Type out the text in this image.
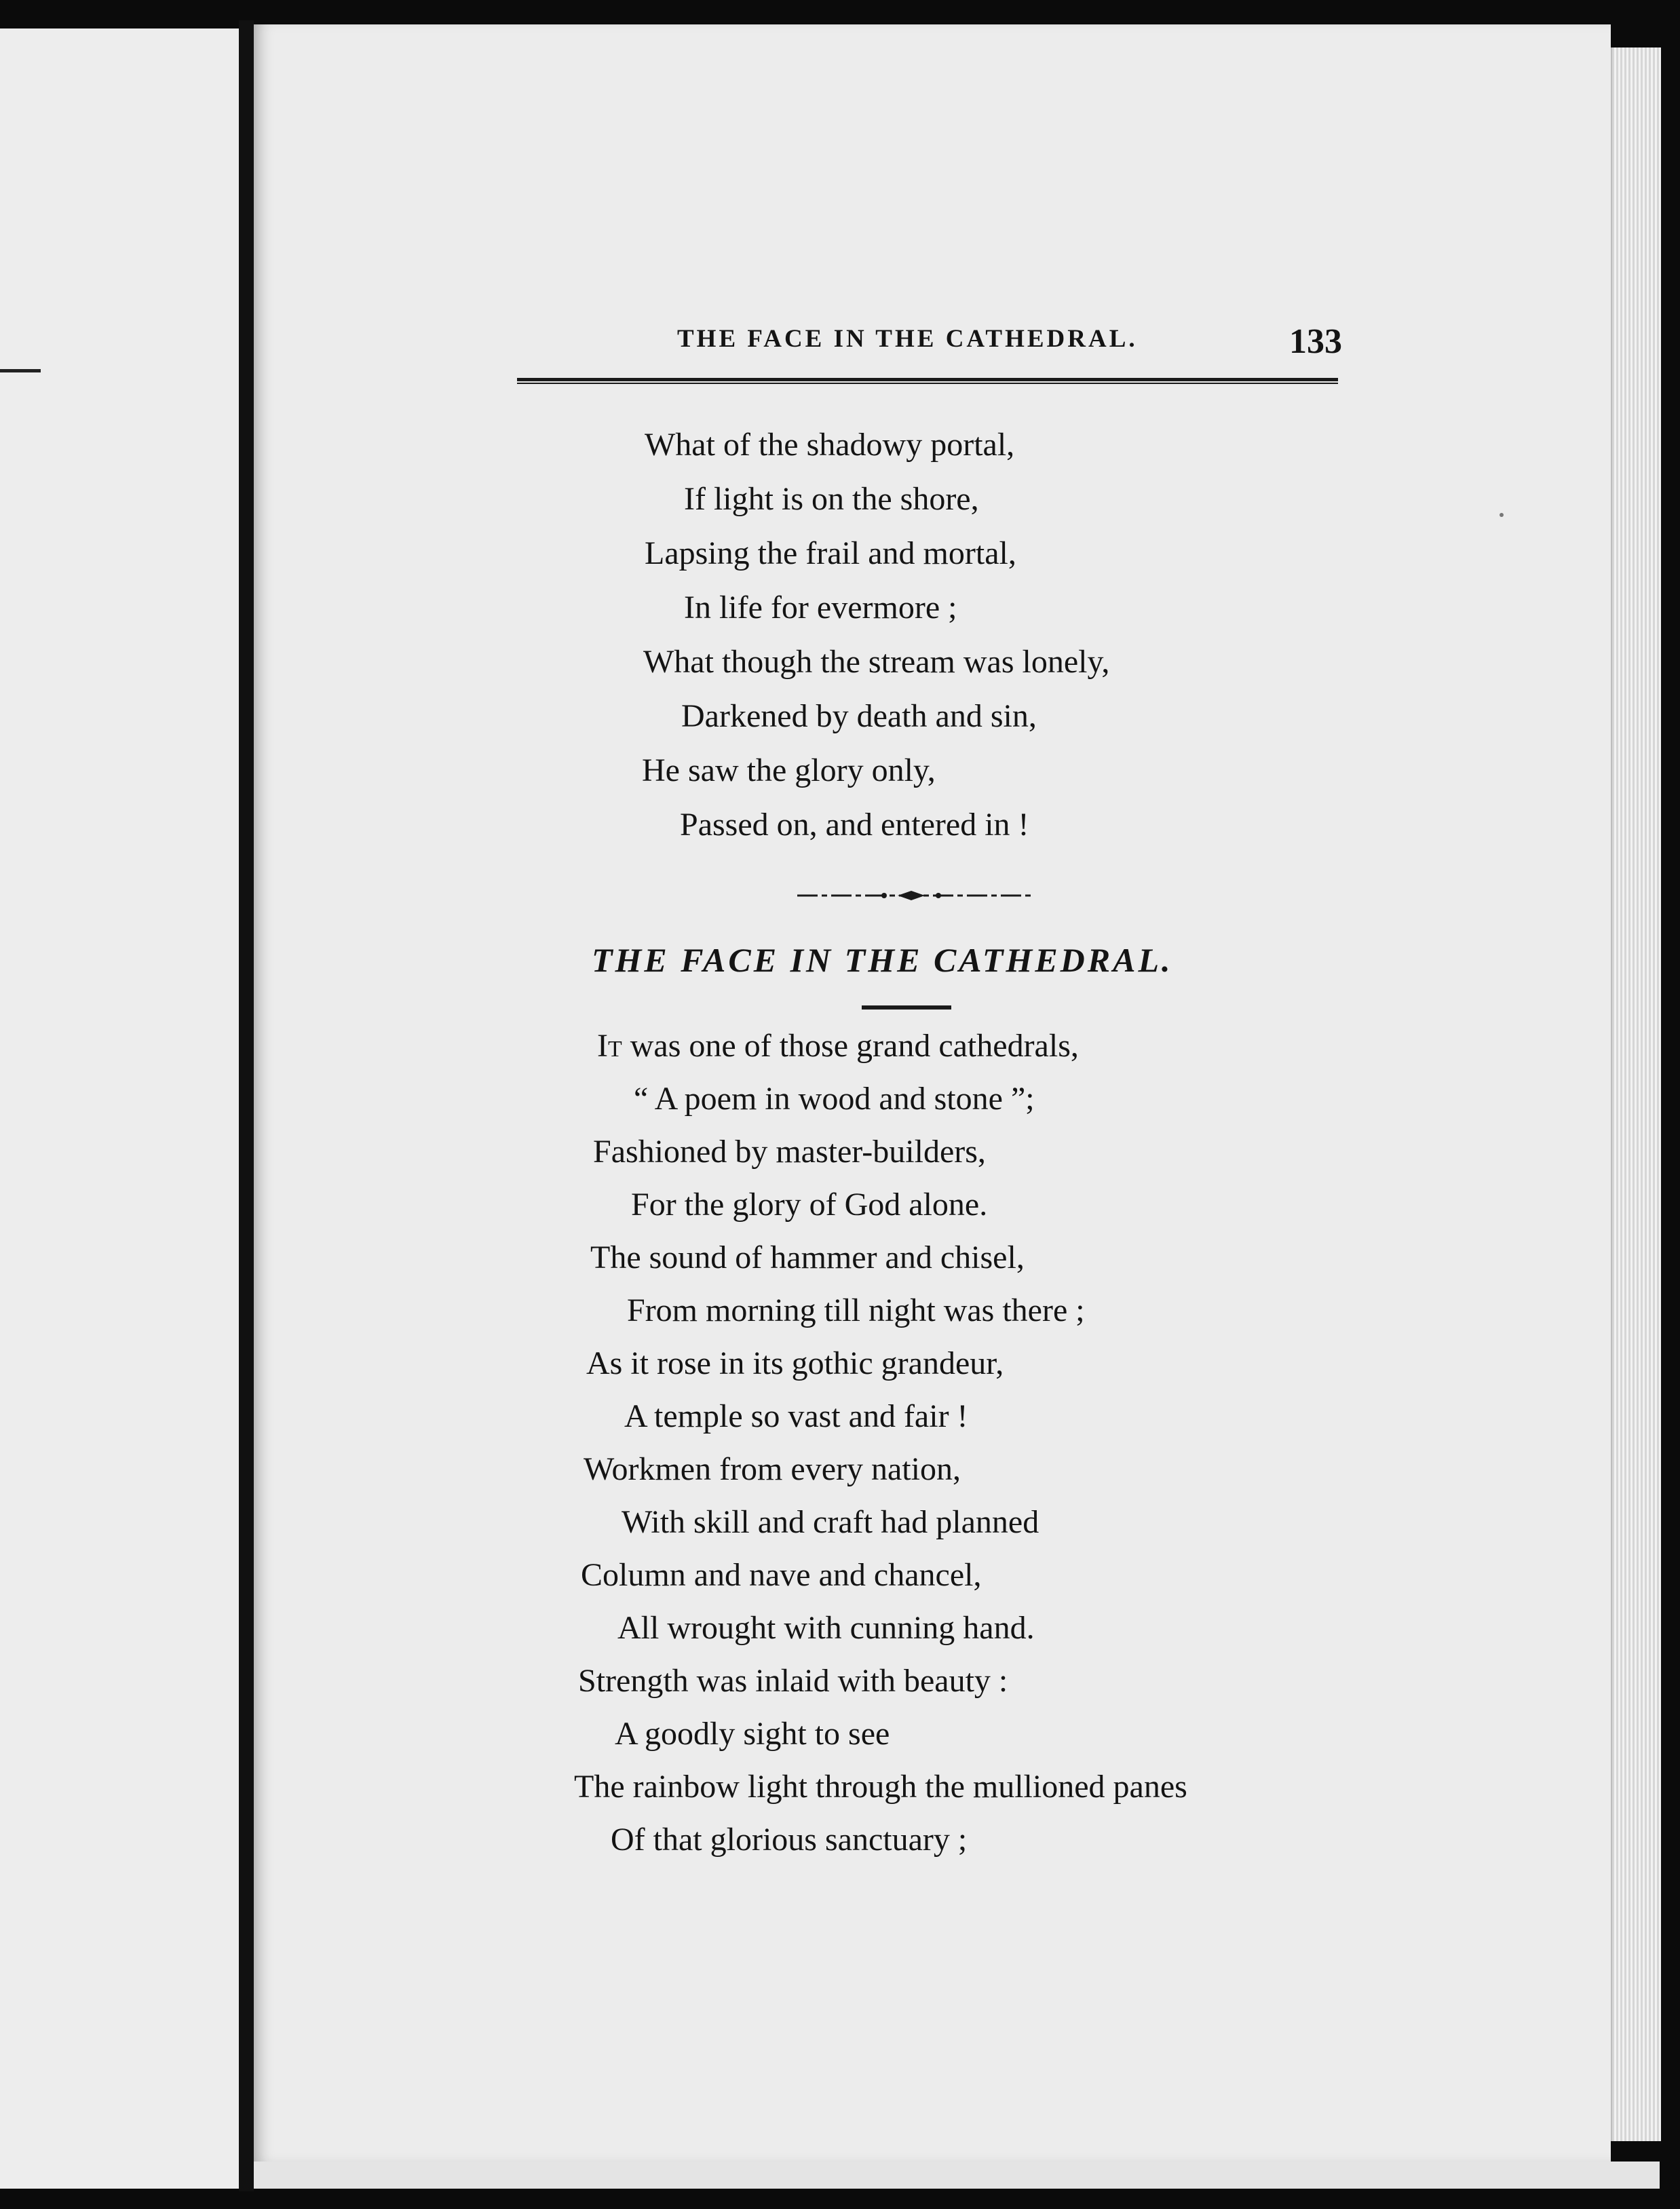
THE FACE IN THE CATHEDRAL.	133
What of the shadowy portal,
If light is on the shore,
Lapsing the frail and mortal,
In life for evermore ;
What though the stream was lonely,
Darkened by death and sin,
He saw the glory only,
Passed on, and entered in !
THE FACE IN THE CATHEDRAL.
It was one of those grand cathedrals,
“ A poem in wood and stone ”;
Fashioned by master-builders,
For the glory of God alone.
The sound of hammer and chisel,
From morning till night was there ;
As it rose in its gothic grandeur,
A temple so vast and fair !
Workmen from every nation,
With skill and craft had planned
Column and nave and chancel,
All wrought with cunning hand.
Strength was inlaid with beauty :
A goodly sight to see
The rainbow light through the mullioned panes
Of that glorious sanctuary ;
